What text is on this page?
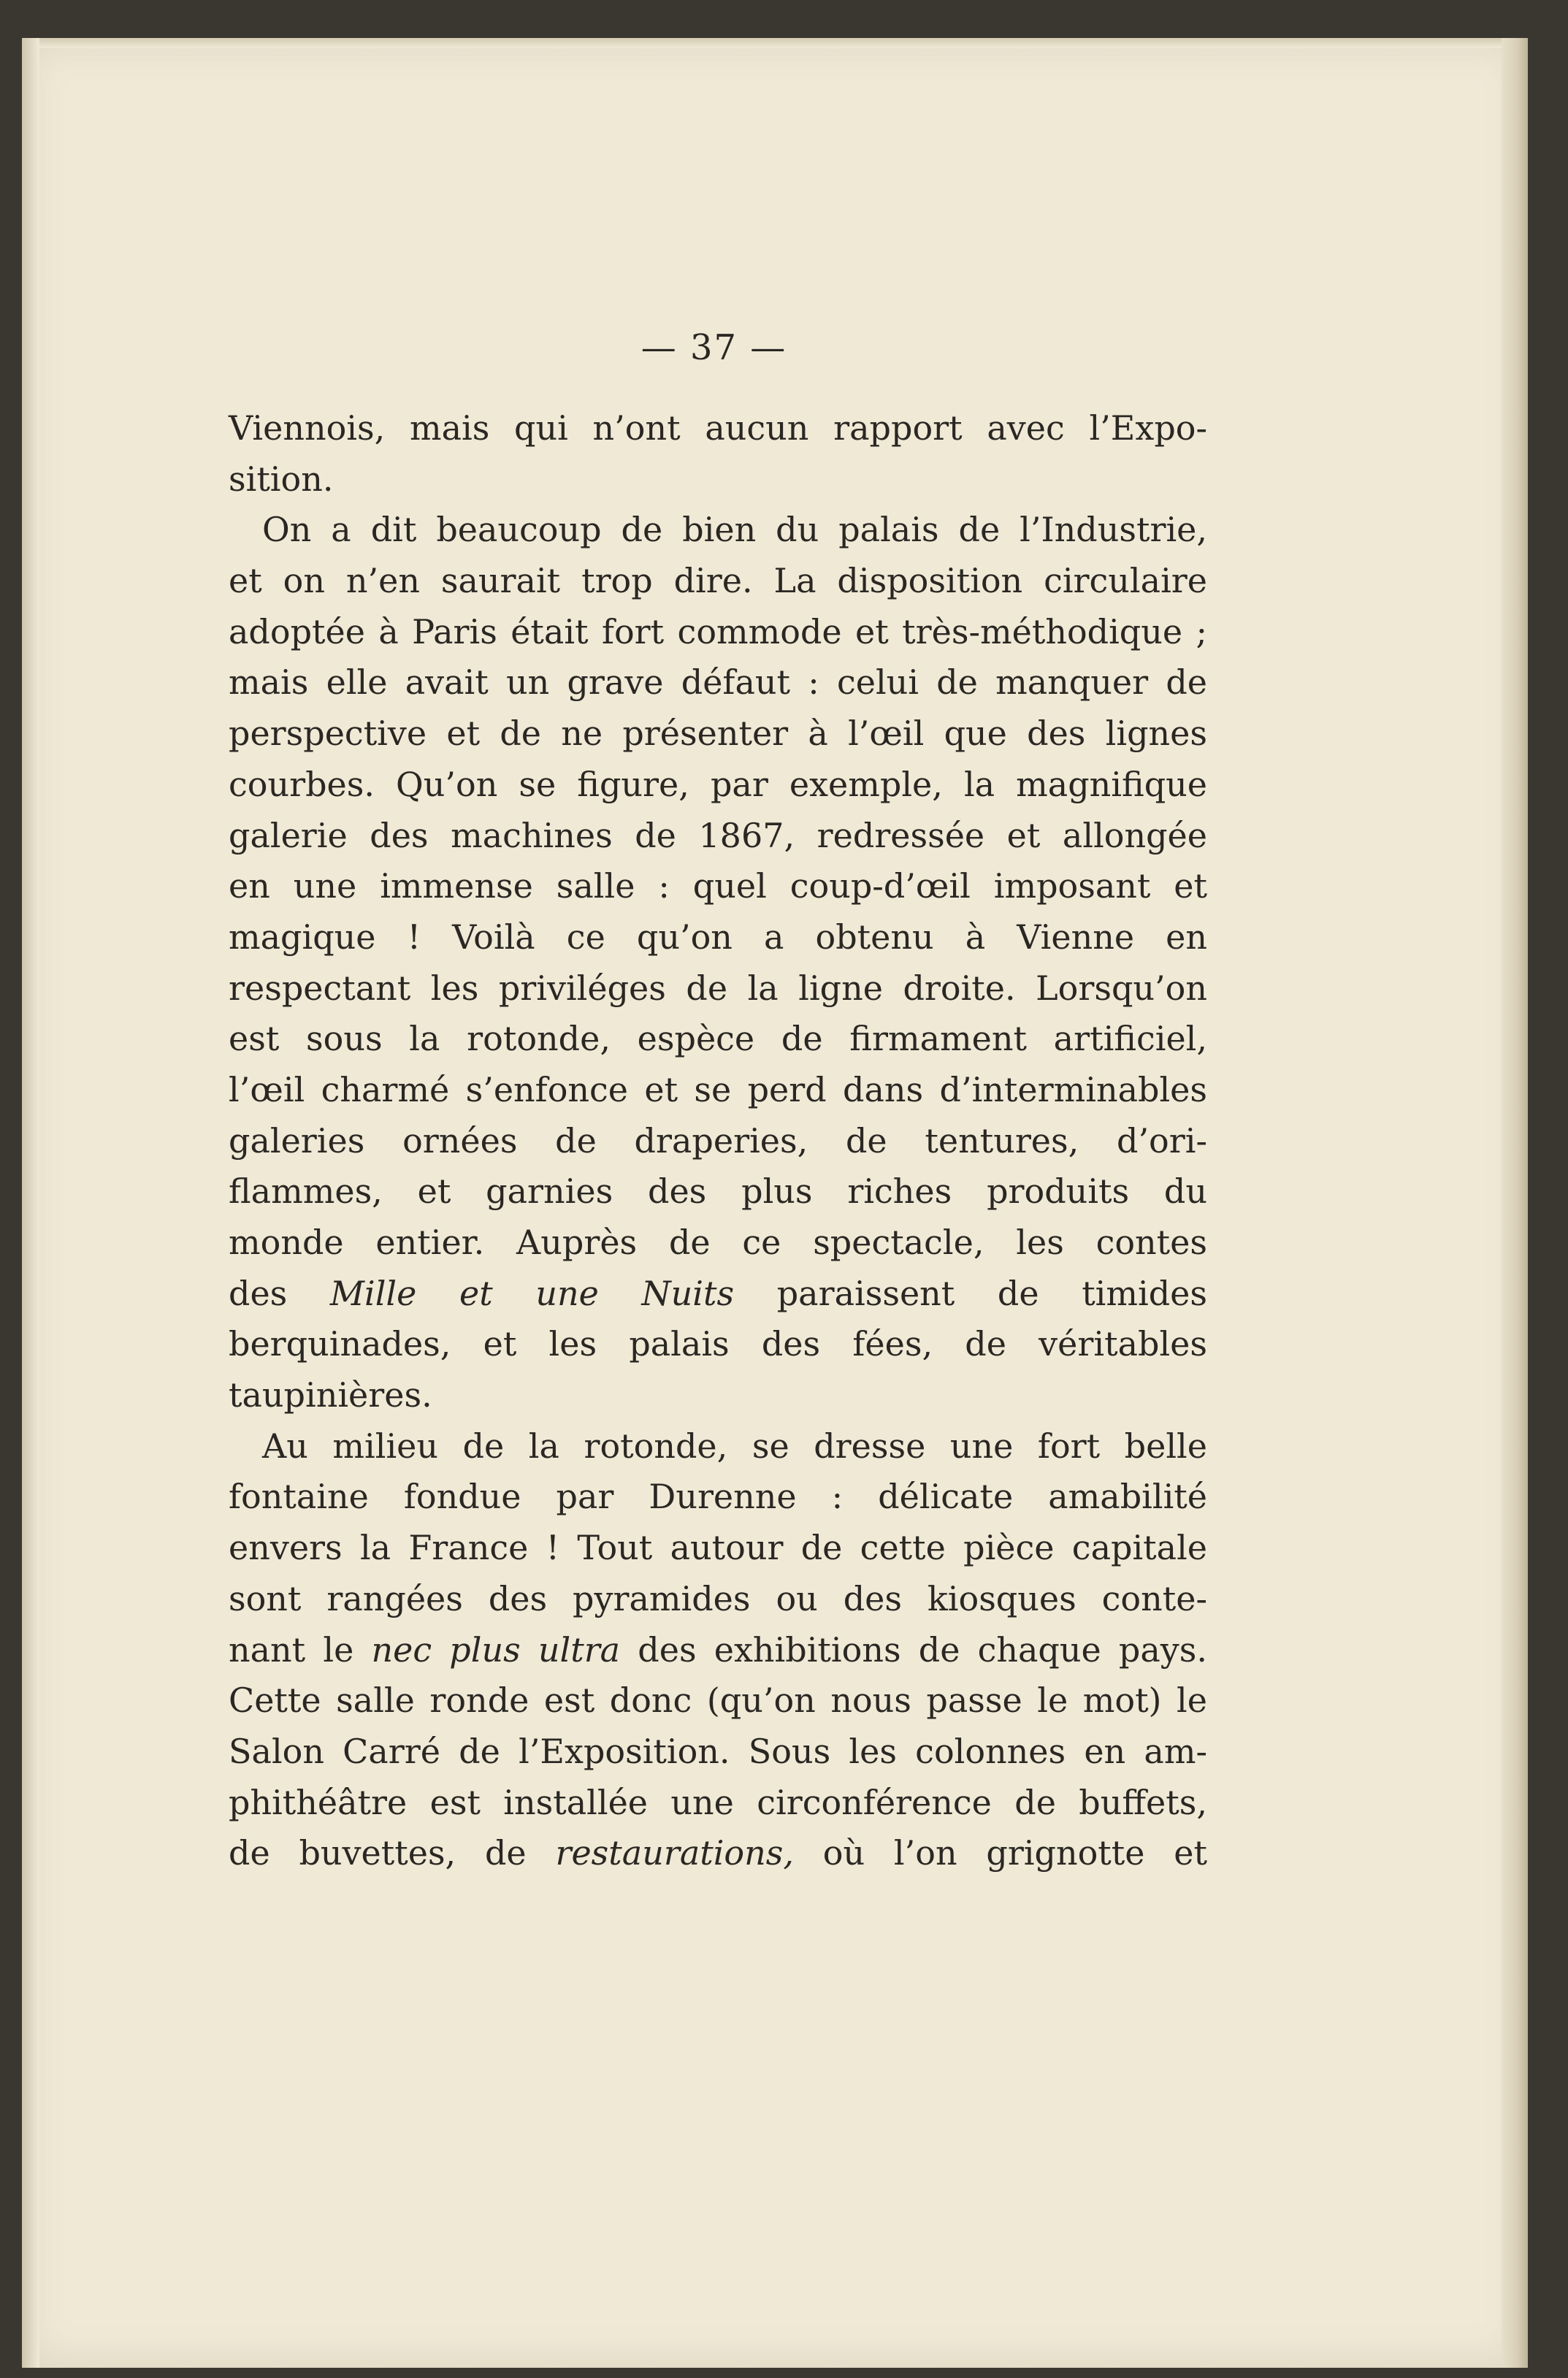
— 37 —
Viennois, mais qui n’ont aucun rapport avec l’Expo-
sition.
On a dit beaucoup de bien du palais de l’Industrie,
et on n’en saurait trop dire. La disposition circulaire
adoptée à Paris était fort commode et très-méthodique ;
mais elle avait un grave défaut : celui de manquer de
perspective et de ne présenter à l’œil que des lignes
courbes. Qu’on se figure, par exemple, la magnifique
galerie des machines de 1867, redressée et allongée
en une immense salle : quel coup-d’œil imposant et
magique ! Voilà ce qu’on a obtenu à Vienne en
respectant les priviléges de la ligne droite. Lorsqu’on
est sous la rotonde, espèce de firmament artificiel,
l’œil charmé s’enfonce et se perd dans d’interminables
galeries ornées de draperies, de tentures, d’ori-
flammes, et garnies des plus riches produits du
monde entier. Auprès de ce spectacle, les contes
des Mille et une Nuits paraissent de timides
berquinades, et les palais des fées, de véritables
taupinières.
Au milieu de la rotonde, se dresse une fort belle
fontaine fondue par Durenne : délicate amabilité
envers la France ! Tout autour de cette pièce capitale
sont rangées des pyramides ou des kiosques conte-
nant le nec plus ultra des exhibitions de chaque pays.
Cette salle ronde est donc (qu’on nous passe le mot) le
Salon Carré de l’Exposition. Sous les colonnes en am-
phithéâtre est installée une circonférence de buffets,
de buvettes, de restaurations, où l’on grignotte et
